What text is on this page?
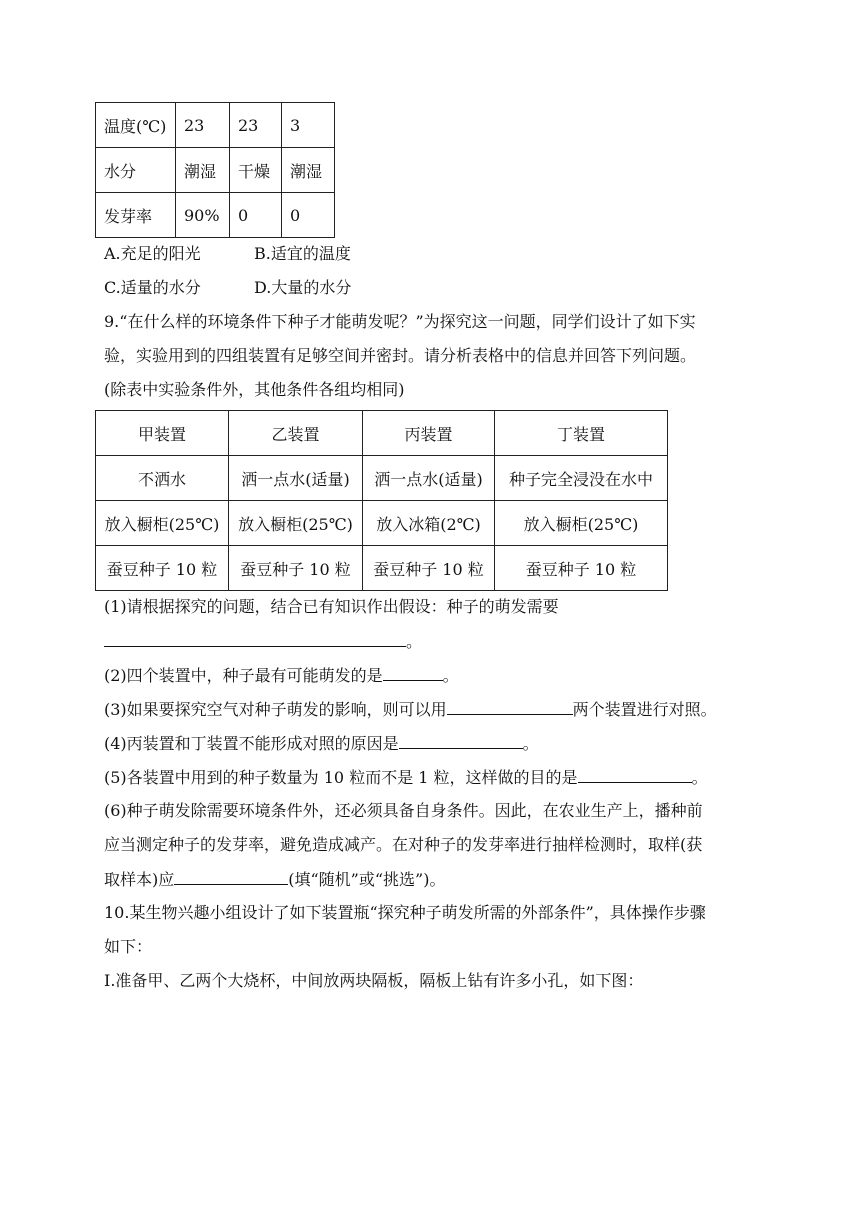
温度(℃)	23	23	3
水分	潮湿	干燥	潮湿
发芽率	90%	0	0
A.充足的阳光	B.适宜的温度
C.适量的水分	D.大量的水分
9.“在什么样的环境条件下种子才能萌发呢？”为探究这一问题，同学们设计了如下实
验，实验用到的四组装置有足够空间并密封。请分析表格中的信息并回答下列问题。
(除表中实验条件外，其他条件各组均相同)
甲装置	乙装置	丙装置	丁装置
不洒水	洒一点水(适量)	洒一点水(适量)	种子完全浸没在水中
放入橱柜(25℃)	放入橱柜(25℃)	放入冰箱(2℃)	放入橱柜(25℃)
蚕豆种子 10 粒	蚕豆种子 10 粒	蚕豆种子 10 粒	蚕豆种子 10 粒
(1)请根据探究的问题，结合已有知识作出假设：种子的萌发需要
。
(2)四个装置中，种子最有可能萌发的是	。
(3)如果要探究空气对种子萌发的影响，则可以用	两个装置进行对照。
(4)丙装置和丁装置不能形成对照的原因是	。
(5)各装置中用到的种子数量为 10 粒而不是 1 粒，这样做的目的是	。
(6)种子萌发除需要环境条件外，还必须具备自身条件。因此，在农业生产上，播种前
应当测定种子的发芽率，避免造成减产。在对种子的发芽率进行抽样检测时，取样(获
取样本)应	(填“随机”或“挑选”)。
10.某生物兴趣小组设计了如下装置瓶“探究种子萌发所需的外部条件”，具体操作步骤
如下：
Ⅰ.准备甲、乙两个大烧杯，中间放两块隔板，隔板上钻有许多小孔，如下图：
